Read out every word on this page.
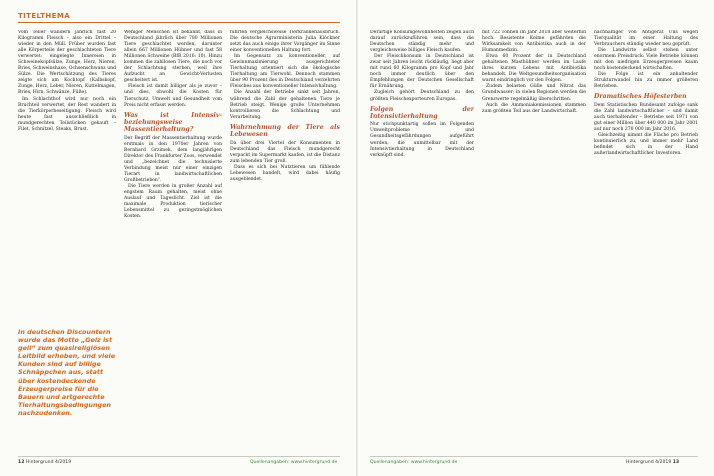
TITELTHEMA

Vom Teller wandern jährlich fast 20 Kilogramm Fleisch – also ein Drittel – wieder in den Müll. Früher wurden fast alle Körperteile der geschlachteten Tiere verwertet: eingelegte Innereien in Schweinekopfsülze, Zunge, Herz, Nieren, Bries, Schweinshaxe, Ochsenschwanz und Sülze. Die Wertschätzung des Tieres zeigte sich am Kochtopf (Kalbskopf, Zunge, Herz, Leber, Nieren, Kuttelmagen, Bries, Hirn, Schwänze, Füße).

Im Schlachthof wird nur noch ein Bruchteil verwertet, der Rest wandert in die Tierkörperbeseitigung. Fleisch wird heute fast ausschließlich in mundgerechten Teilstücken gekauft – Filet, Schnitzel, Steaks, Brust.

In deutschen Discountern wurde das Motto „Geiz ist geil“ zum quasireligiösen Leitbild erhoben, und viele Kunden sind auf billige Schnäppchen aus, statt über kostendeckende Erzeugerpreise für die Bauern und artgerechte Tierhaltungsbedingungen nachzudenken.

Weniger Menschen ist bekannt, dass in Deutschland jährlich über 780 Millionen Tiere geschlachtet werden, darunter allein 667 Millionen Hühner und fast 58 Millionen Schweine (BfR 2016: 10). Hinzu kommen die zahllosen Tiere, die noch vor der Schlachtung sterben, weil ihre Aufzucht an Gewicht-Verlusten gescheitert ist.

Fleisch ist damit billiger als je zuvor – und dies, obwohl die Kosten für Tierschutz, Umwelt und Gesundheit vom Preis nicht erfasst werden.

Was ist Intensiv- beziehungsweise Massentierhaltung?

Der Begriff der Massentierhaltung wurde erstmals in den 1970er Jahren von Bernhard Grzimek, dem langjährigen Direktor des Frankfurter Zoos, verwendet und „bezeichnet die technisierte Verbindung meist nur einer einzigen Tierart in landwirtschaftlichen Großbetrieben“.

Die Tiere werden in großer Anzahl auf engstem Raum gehalten, meist ohne Auslauf und Tageslicht. Ziel ist die maximale Produktion tierischer Lebensmittel zu geringstmöglichen Kosten.

führten vergleichsweise Tierkrankenausbruch. Die deutsche Agrarministerin Julia Klöckner setzt das auch einige ihrer Vorgänger im Sinne einer konventionellen Haltung fort.

Im Gegensatz zu konventioneller, auf Gewinnmaximierung ausgerichteter Tierhaltung orientiert sich die ökologische Tierhaltung am Tierwohl. Dennoch stammen über 90 Prozent des in Deutschland verzehrten Fleisches aus konventioneller Intensivhaltung.

Die Anzahl der Betriebe sinkt seit Jahren, während die Zahl der gehaltenen Tiere je Betrieb steigt. Wenige große Unternehmen kontrollieren die Schlachtung und Verarbeitung.

Wahrnehmung der Tiere als Lebewesen

Da über drei Viertel der Konsumenten in Deutschland das Fleisch mundgerecht verpackt im Supermarkt kaufen, ist die Distanz zum lebenden Tier groß.

Dass es sich bei Nutztieren um fühlende Lebewesen handelt, wird dabei häufig ausgeblendet.

12 Hintergrund 4/2019	Quellenangaben: www.hintergrund.de

Derartige Konsumgewohnheiten zeigen auch darauf zurückzuführen sein, dass die Deutschen ständig mehr und vergleichsweise billiges Fleisch kaufen.

Der Fleischkonsum in Deutschland ist zwar seit Jahren leicht rückläufig, liegt aber mit rund 60 Kilogramm pro Kopf und Jahr noch immer deutlich über den Empfehlungen der Deutschen Gesellschaft für Ernährung.

Zugleich gehört Deutschland zu den größten Fleischexporteuren Europas.

Folgen der Intensivtierhaltung

Nur stichpunktartig sollen im Folgenden Umweltprobleme und Gesundheitsgefährdungen aufgeführt werden, die unmittelbar mit der Intensivtierhaltung in Deutschland verknüpft sind.

mit 722 Tonnen im Jahr 2018 aber weiterhin hoch. Resistente Keime gefährden die Wirksamkeit von Antibiotika auch in der Humanmedizin.

Etwa 60 Prozent der in Deutschland gehaltenen Masthühner werden im Laufe ihres kurzen Lebens mit Antibiotika behandelt. Die Weltgesundheitsorganisation warnt eindringlich vor den Folgen.

Zudem belasten Gülle und Nitrat das Grundwasser; in vielen Regionen werden die Grenzwerte regelmäßig überschritten.

Auch die Ammoniakemissionen stammen zum größten Teil aus der Landwirtschaft.

nachhaltiger von Antigerät Uns wegen Tierqualität im einer Haltung des Verbrauchers ständig wieder neu geprüft.

Die Landwirte selbst stehen unter enormem Preisdruck: Viele Betriebe können mit den niedrigen Erzeugerpreisen kaum noch kostendeckend wirtschaften.

Die Folge ist ein anhaltender Strukturwandel hin zu immer größeren Betrieben.

Dramatisches Höfesterben

Dem Statistischen Bundesamt zufolge sank die Zahl landwirtschaftlicher – und damit auch tierhaltender – Betriebe seit 1971 von gut einer Million über 440 000 im Jahr 2001 auf nur noch 270 000 im Jahr 2016.

Gleichzeitig nimmt die Fläche pro Betrieb kontinuierlich zu, und immer mehr Land befindet sich in der Hand außerlandwirtschaftlicher Investoren.

Quellenangaben: www.hintergrund.de	Hintergrund 4/2019 13
